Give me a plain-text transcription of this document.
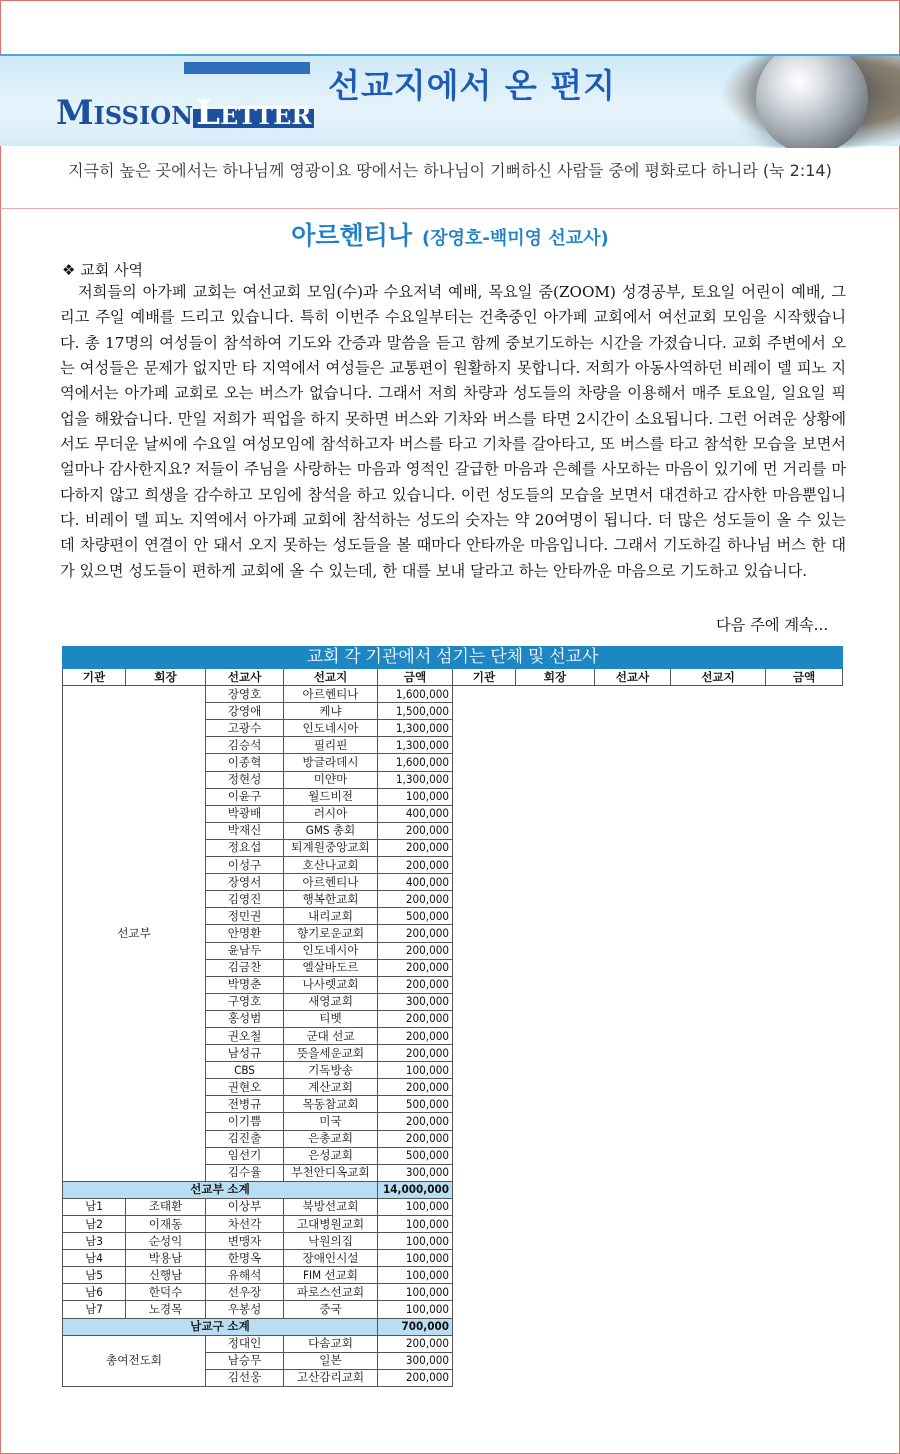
MISSIONLETTER
선교지에서 온 편지
지극히 높은 곳에서는 하나님께 영광이요 땅에서는 하나님이 기뻐하신 사람들 중에 평화로다 하니라 (눅 2:14)
아르헨티나 (장영호-백미영 선교사)
❖ 교회 사역
저희들의 아가페 교회는 여선교회 모임(수)과 수요저녁 예배, 목요일 줌(ZOOM) 성경공부, 토요일 어린이 예배, 그리고 주일 예배를 드리고 있습니다. 특히 이번주 수요일부터는 건축중인 아가페 교회에서 여선교회 모임을 시작했습니다. 총 17명의 여성들이 참석하여 기도와 간증과 말씀을 듣고 함께 중보기도하는 시간을 가졌습니다. 교회 주변에서 오는 여성들은 문제가 없지만 타 지역에서 여성들은 교통편이 원활하지 못합니다. 저희가 아동사역하던 비레이 델 피노 지역에서는 아가페 교회로 오는 버스가 없습니다. 그래서 저희 차량과 성도들의 차량을 이용해서 매주 토요일, 일요일 픽업을 해왔습니다. 만일 저희가 픽업을 하지 못하면 버스와 기차와 버스를 타면 2시간이 소요됩니다. 그런 어려운 상황에서도 무더운 날씨에 수요일 여성모임에 참석하고자 버스를 타고 기차를 갈아타고, 또 버스를 타고 참석한 모습을 보면서 얼마나 감사한지요? 저들이 주님을 사랑하는 마음과 영적인 갈급한 마음과 은혜를 사모하는 마음이 있기에 먼 거리를 마다하지 않고 희생을 감수하고 모임에 참석을 하고 있습니다. 이런 성도들의 모습을 보면서 대견하고 감사한 마음뿐입니다. 비레이 델 피노 지역에서 아가페 교회에 참석하는 성도의 숫자는 약 20여명이 됩니다. 더 많은 성도들이 올 수 있는데 차량편이 연결이 안 돼서 오지 못하는 성도들을 볼 때마다 안타까운 마음입니다. 그래서 기도하길 하나님 버스 한 대가 있으면 성도들이 편하게 교회에 올 수 있는데, 한 대를 보내 달라고 하는 안타까운 마음으로 기도하고 있습니다.
다음 주에 계속...
교회 각 기관에서 섬기는 단체 및 선교사									
기관	회장	선교사	선교지	금액	기관	회장	선교사	선교지	금액
선교부		장영호	아르헨티나	1,600,000					
		강영애	케냐	1,500,000					
		고광수	인도네시아	1,300,000					
		김승석	필리핀	1,300,000					
		이종혁	방글라데시	1,600,000					
		정현성	미얀마	1,300,000					
		이윤구	월드비전	100,000					
		박광배	러시아	400,000					
		박재신	GMS 총회	200,000					
		정요섭	퇴계원중앙교회	200,000					
		이성구	호산나교회	200,000					
		장영서	아르헨티나	400,000					
		김영진	행복한교회	200,000					
		정민권	내리교회	500,000					
		안명환	향기로운교회	200,000					
		윤남두	인도네시아	200,000					
		김금찬	엘살바도르	200,000					
		박명춘	나사렛교회	200,000					
		구영호	새영교회	300,000					
		홍성범	티벳	200,000					
		권오철	군대 선교	200,000					
		남성규	뜻을세운교회	200,000					
		CBS	기독방송	100,000					
		권현오	계산교회	200,000					
		전병규	목동참교회	500,000					
		이기쁨	미국	200,000					
		김진출	은총교회	200,000					
		임선기	은성교회	500,000					
		김수율	부천안디옥교회	300,000					
선교부 소계				14,000,000					
남1	조태환	이상부	북방선교회	100,000					
남2	이재동	차선각	고대병원교회	100,000					
남3	순성익	변맹자	낙원의집	100,000					
남4	박용남	한명옥	장애인시설	100,000					
남5	신행남	유해석	FIM 선교회	100,000					
남6	한덕수	선우장	파로스선교회	100,000					
남7	노경목	우봉성	중국	100,000					
남교구 소계				700,000					
총여전도회		정대인	다솜교회	200,000					
		남승무	일본	300,000					
		김선웅	고산감리교회	200,000					
